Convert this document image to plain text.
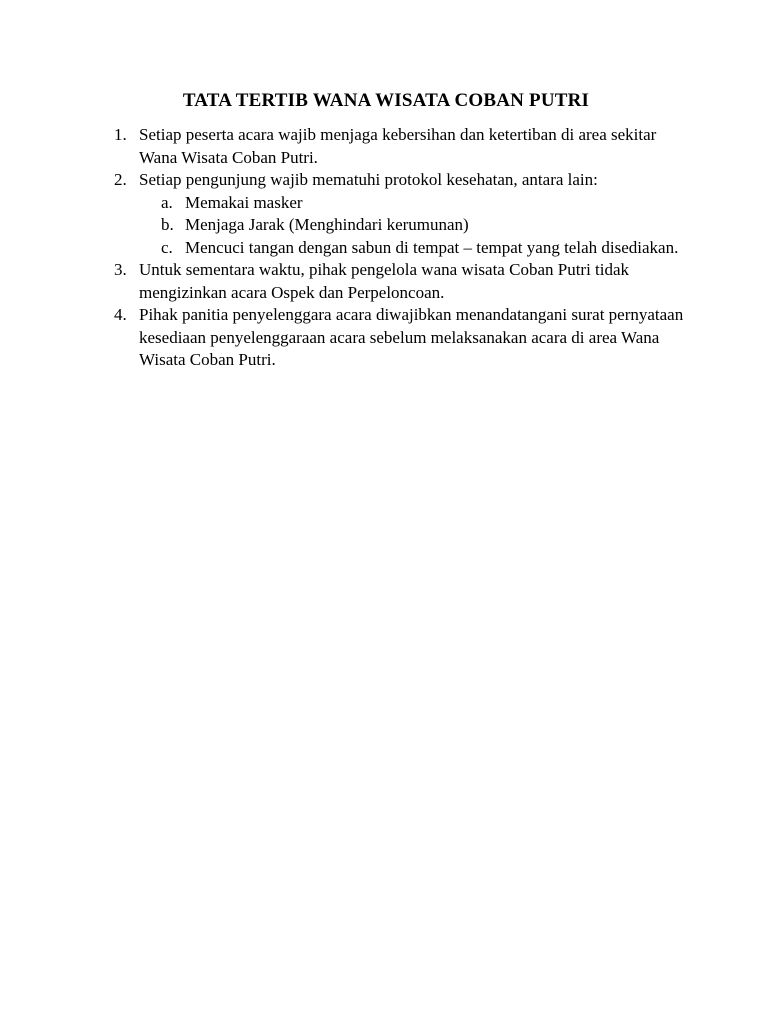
TATA TERTIB WANA WISATA COBAN PUTRI
1. Setiap peserta acara wajib menjaga kebersihan dan ketertiban di area sekitar Wana Wisata Coban Putri.
2. Setiap pengunjung wajib mematuhi protokol kesehatan, antara lain:
a. Memakai masker
b. Menjaga Jarak (Menghindari kerumunan)
c. Mencuci tangan dengan sabun di tempat – tempat yang telah disediakan.
3. Untuk sementara waktu, pihak pengelola wana wisata Coban Putri tidak mengizinkan acara Ospek dan Perpeloncoan.
4. Pihak panitia penyelenggara acara diwajibkan menandatangani surat pernyataan kesediaan penyelenggaraan acara sebelum melaksanakan acara di area Wana Wisata Coban Putri.
